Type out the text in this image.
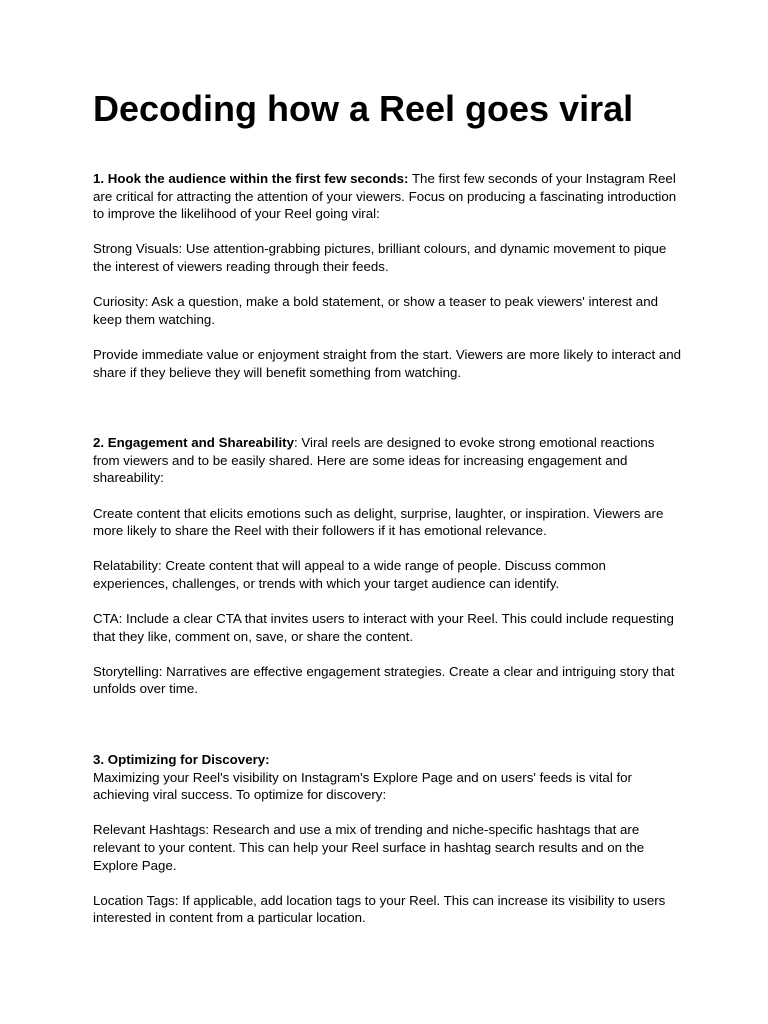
Decoding how a Reel goes viral

1. Hook the audience within the first few seconds: The first few seconds of your Instagram Reel are critical for attracting the attention of your viewers. Focus on producing a fascinating introduction to improve the likelihood of your Reel going viral:

Strong Visuals: Use attention-grabbing pictures, brilliant colours, and dynamic movement to pique the interest of viewers reading through their feeds.

Curiosity: Ask a question, make a bold statement, or show a teaser to peak viewers' interest and keep them watching.

Provide immediate value or enjoyment straight from the start. Viewers are more likely to interact and share if they believe they will benefit something from watching.

2. Engagement and Shareability: Viral reels are designed to evoke strong emotional reactions from viewers and to be easily shared. Here are some ideas for increasing engagement and shareability:

Create content that elicits emotions such as delight, surprise, laughter, or inspiration. Viewers are more likely to share the Reel with their followers if it has emotional relevance.

Relatability: Create content that will appeal to a wide range of people. Discuss common experiences, challenges, or trends with which your target audience can identify.

CTA: Include a clear CTA that invites users to interact with your Reel. This could include requesting that they like, comment on, save, or share the content.

Storytelling: Narratives are effective engagement strategies. Create a clear and intriguing story that unfolds over time.

3. Optimizing for Discovery:

Maximizing your Reel's visibility on Instagram's Explore Page and on users' feeds is vital for achieving viral success. To optimize for discovery:

Relevant Hashtags: Research and use a mix of trending and niche-specific hashtags that are relevant to your content. This can help your Reel surface in hashtag search results and on the Explore Page.

Location Tags: If applicable, add location tags to your Reel. This can increase its visibility to users interested in content from a particular location.
